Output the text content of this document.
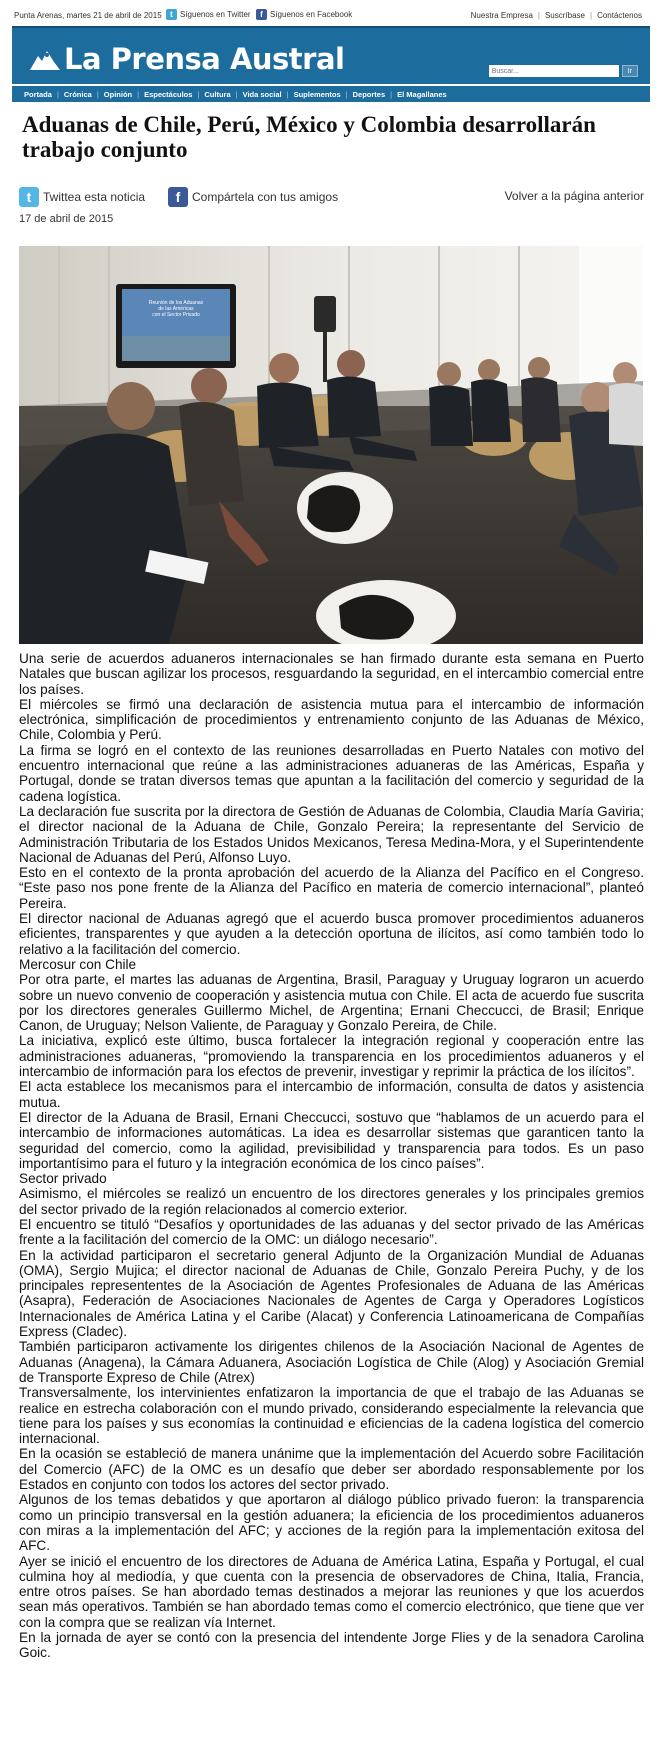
Punta Arenas, martes 21 de abril de 2015	t Síguenos en Twitter	f Síguenos en Facebook	Nuestra Empresa | Suscríbase | Contáctenos
La Prensa Austral
Buscar...	Ir
Portada | Crónica | Opinión | Espectáculos | Cultura | Vida social | Suplementos | Deportes | El Magallanes
Aduanas de Chile, Perú, México y Colombia desarrollarán trabajo conjunto
t Twittea esta noticia	f Compártela con tus amigos	Volver a la página anterior
17 de abril de 2015
Reunión de los Aduanas de las Américas con el Sector Privado

Una serie de acuerdos aduaneros internacionales se han firmado durante esta semana en Puerto Natales que buscan agilizar los procesos, resguardando la seguridad, en el intercambio comercial entre los países.

El miércoles se firmó una declaración de asistencia mutua para el intercambio de información electrónica, simplificación de procedimientos y entrenamiento conjunto de las Aduanas de México, Chile, Colombia y Perú.

La firma se logró en el contexto de las reuniones desarrolladas en Puerto Natales con motivo del encuentro internacional que reúne a las administraciones aduaneras de las Américas, España y Portugal, donde se tratan diversos temas que apuntan a la facilitación del comercio y seguridad de la cadena logística.

La declaración fue suscrita por la directora de Gestión de Aduanas de Colombia, Claudia María Gaviria; el director nacional de la Aduana de Chile, Gonzalo Pereira; la representante del Servicio de Administración Tributaria de los Estados Unidos Mexicanos, Teresa Medina-Mora, y el Superintendente Nacional de Aduanas del Perú, Alfonso Luyo.

Esto en el contexto de la pronta aprobación del acuerdo de la Alianza del Pacífico en el Congreso. “Este paso nos pone frente de la Alianza del Pacífico en materia de comercio internacional”, planteó Pereira.

El director nacional de Aduanas agregó que el acuerdo busca promover procedimientos aduaneros eficientes, transparentes y que ayuden a la detección oportuna de ilícitos, así como también todo lo relativo a la facilitación del comercio.

Mercosur con Chile

Por otra parte, el martes las aduanas de Argentina, Brasil, Paraguay y Uruguay lograron un acuerdo sobre un nuevo convenio de cooperación y asistencia mutua con Chile. El acta de acuerdo fue suscrita por los directores generales Guillermo Michel, de Argentina; Ernani Checcucci, de Brasil; Enrique Canon, de Uruguay; Nelson Valiente, de Paraguay y Gonzalo Pereira, de Chile.

La iniciativa, explicó este último, busca fortalecer la integración regional y cooperación entre las administraciones aduaneras, “promoviendo la transparencia en los procedimientos aduaneros y el intercambio de información para los efectos de prevenir, investigar y reprimir la práctica de los ilícitos”.

El acta establece los mecanismos para el intercambio de información, consulta de datos y asistencia mutua.

El director de la Aduana de Brasil, Ernani Checcucci, sostuvo que “hablamos de un acuerdo para el intercambio de informaciones automáticas. La idea es desarrollar sistemas que garanticen tanto la seguridad del comercio, como la agilidad, previsibilidad y transparencia para todos. Es un paso importantísimo para el futuro y la integración económica de los cinco países”.

Sector privado

Asimismo, el miércoles se realizó un encuentro de los directores generales y los principales gremios del sector privado de la región relacionados al comercio exterior.

El encuentro se tituló “Desafíos y oportunidades de las aduanas y del sector privado de las Américas frente a la facilitación del comercio de la OMC: un diálogo necesario”.

En la actividad participaron el secretario general Adjunto de la Organización Mundial de Aduanas (OMA), Sergio Mujica; el director nacional de Aduanas de Chile, Gonzalo Pereira Puchy, y de los principales represententes de la Asociación de Agentes Profesionales de Aduana de las Américas (Asapra), Federación de Asociaciones Nacionales de Agentes de Carga y Operadores Logísticos Internacionales de América Latina y el Caribe (Alacat) y Conferencia Latinoamericana de Compañías Express (Cladec).

También participaron activamente los dirigentes chilenos de la Asociación Nacional de Agentes de Aduanas (Anagena), la Cámara Aduanera, Asociación Logística de Chile (Alog) y Asociación Gremial de Transporte Expreso de Chile (Atrex)

Transversalmente, los intervinientes enfatizaron la importancia de que el trabajo de las Aduanas se realice en estrecha colaboración con el mundo privado, considerando especialmente la relevancia que tiene para los países y sus economías la continuidad e eficiencias de la cadena logística del comercio internacional.

En la ocasión se estableció de manera unánime que la implementación del Acuerdo sobre Facilitación del Comercio (AFC) de la OMC es un desafío que deber ser abordado responsablemente por los Estados en conjunto con todos los actores del sector privado.

Algunos de los temas debatidos y que aportaron al diálogo público privado fueron: la transparencia como un principio transversal en la gestión aduanera; la eficiencia de los procedimientos aduaneros con miras a la implementación del AFC; y acciones de la región para la implementación exitosa del AFC.

Ayer se inició el encuentro de los directores de Aduana de América Latina, España y Portugal, el cual culmina hoy al mediodía, y que cuenta con la presencia de observadores de China, Italia, Francia, entre otros países. Se han abordado temas destinados a mejorar las reuniones y que los acuerdos sean más operativos. También se han abordado temas como el comercio electrónico, que tiene que ver con la compra que se realizan vía Internet.

En la jornada de ayer se contó con la presencia del intendente Jorge Flies y de la senadora Carolina Goic.
